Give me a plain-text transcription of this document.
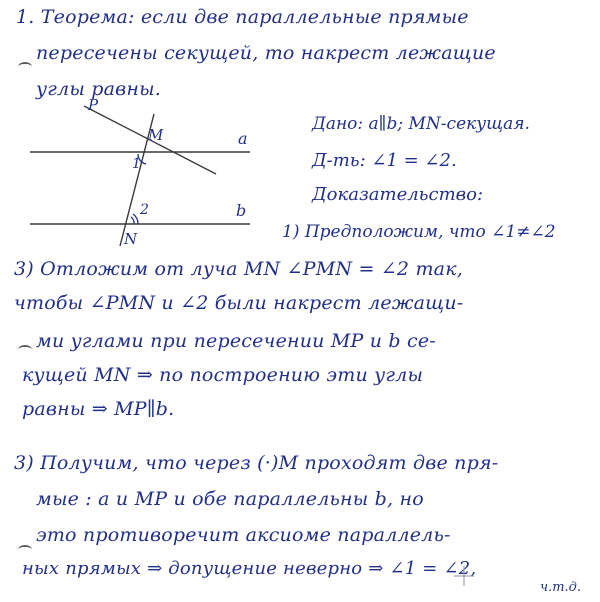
1. Теорема: если две параллельные прямые
пересечены секущей, то накрест лежащие
углы равны.
P
M	a
1
2	b
N
Дано: a∥b; MN-секущая.
Д-ть: ∠1 = ∠2.
Доказательство:
1) Предположим, что ∠1≠∠2
3) Отложим от луча MN ∠PMN = ∠2 так,
чтобы ∠PMN и ∠2 были накрест лежащи-
ми углами при пересечении MP и b се-
кущей MN ⇒ по построению эти углы
равны ⇒ MP∥b.
3) Получим, что через (·)M проходят две пря-
мые : a и MP и обе параллельны b, но
это противоречит аксиоме параллель-
ных прямых ⇒ допущение неверно ⇒ ∠1 = ∠2,
ч.т.д.
